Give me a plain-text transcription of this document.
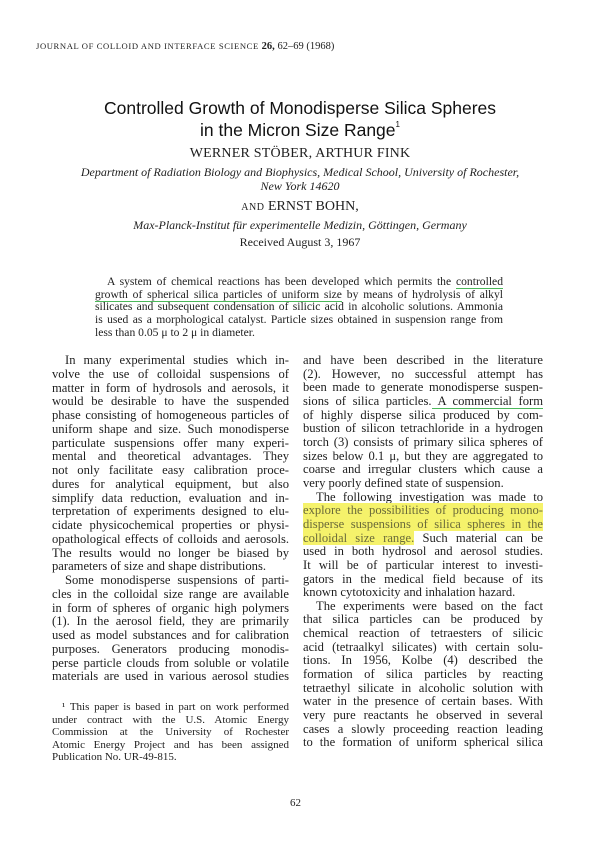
JOURNAL OF COLLOID AND INTERFACE SCIENCE 26, 62–69 (1968)
Controlled Growth of Monodisperse Silica Spheres
in the Micron Size Range$^1$
WERNER STÖBER, ARTHUR FINK
Department of Radiation Biology and Biophysics, Medical School, University of Rochester,
New York 14620
AND ERNST BOHN,
Max-Planck-Institut für experimentelle Medizin, Göttingen, Germany
Received August 3, 1967
A system of chemical reactions has been developed which permits the controlled
growth of spherical silica particles of uniform size by means of hydrolysis of alkyl
silicates and subsequent condensation of silicic acid in alcoholic solutions. Ammonia
is used as a morphological catalyst. Particle sizes obtained in suspension range from
less than 0.05 μ to 2 μ in diameter.
In many experimental studies which in-
volve the use of colloidal suspensions of
matter in form of hydrosols and aerosols, it
would be desirable to have the suspended
phase consisting of homogeneous particles of
uniform shape and size. Such monodisperse
particulate suspensions offer many experi-
mental and theoretical advantages. They
not only facilitate easy calibration proce-
dures for analytical equipment, but also
simplify data reduction, evaluation and in-
terpretation of experiments designed to elu-
cidate physicochemical properties or physi-
opathological effects of colloids and aerosols.
The results would no longer be biased by
parameters of size and shape distributions.
Some monodisperse suspensions of parti-
cles in the colloidal size range are available
in form of spheres of organic high polymers
(1). In the aerosol field, they are primarily
used as model substances and for calibration
purposes. Generators producing monodis-
perse particle clouds from soluble or volatile
materials are used in various aerosol studies
and have been described in the literature
(2). However, no successful attempt has
been made to generate monodisperse suspen-
sions of silica particles. A commercial form
of highly disperse silica produced by com-
bustion of silicon tetrachloride in a hydrogen
torch (3) consists of primary silica spheres of
sizes below 0.1 μ, but they are aggregated to
coarse and irregular clusters which cause a
very poorly defined state of suspension.
The following investigation was made to
explore the possibilities of producing mono-
disperse suspensions of silica spheres in the
colloidal size range. Such material can be
used in both hydrosol and aerosol studies.
It will be of particular interest to investi-
gators in the medical field because of its
known cytotoxicity and inhalation hazard.
The experiments were based on the fact
that silica particles can be produced by
chemical reaction of tetraesters of silicic
acid (tetraalkyl silicates) with certain solu-
tions. In 1956, Kolbe (4) described the
formation of silica particles by reacting
tetraethyl silicate in alcoholic solution with
water in the presence of certain bases. With
very pure reactants he observed in several
cases a slowly proceeding reaction leading
to the formation of uniform spherical silica
¹ This paper is based in part on work performed
under contract with the U.S. Atomic Energy
Commission at the University of Rochester
Atomic Energy Project and has been assigned
Publication No. UR-49-815.
62
